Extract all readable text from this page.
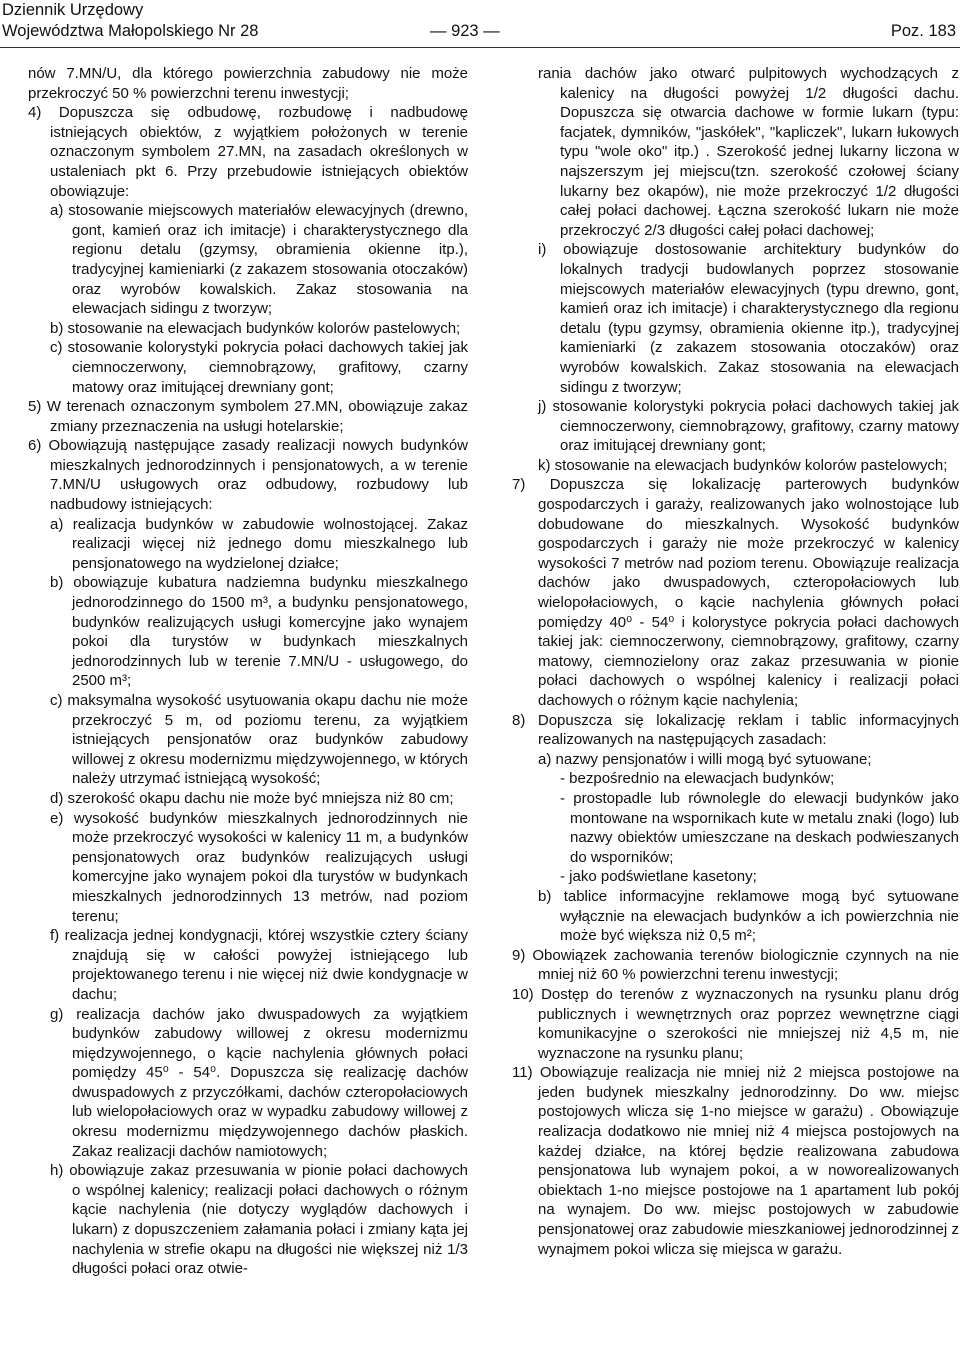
Dziennik Urzędowy
Województwa Małopolskiego Nr 28	— 923 —	Poz. 183

nów 7.MN/U, dla którego powierzchnia zabudowy nie może przekroczyć 50 % powierzchni terenu inwestycji;

4) Dopuszcza się odbudowę, rozbudowę i nadbudowę istniejących obiektów, z wyjątkiem położonych w terenie oznaczonym symbolem 27.MN, na zasadach określonych w ustaleniach pkt 6. Przy przebudowie istniejących obiektów obowiązuje:

a) stosowanie miejscowych materiałów elewacyjnych (drewno, gont, kamień oraz ich imitacje) i charakterystycznego dla regionu detalu (gzymsy, obramienia okienne itp.), tradycyjnej kamieniarki (z zakazem stosowania otoczaków) oraz wyrobów kowalskich. Zakaz stosowania na elewacjach sidingu z tworzyw;

b) stosowanie na elewacjach budynków kolorów pastelowych;

c) stosowanie kolorystyki pokrycia połaci dachowych takiej jak ciemnoczerwony, ciemnobrązowy, grafitowy, czarny matowy oraz imitującej drewniany gont;

5) W terenach oznaczonym symbolem 27.MN, obowiązuje zakaz zmiany przeznaczenia na usługi hotelarskie;

6) Obowiązują następujące zasady realizacji nowych budynków mieszkalnych jednorodzinnych i pensjonatowych, a w terenie 7.MN/U usługowych oraz odbudowy, rozbudowy lub nadbudowy istniejących:

a) realizacja budynków w zabudowie wolnostojącej. Zakaz realizacji więcej niż jednego domu mieszkalnego lub pensjonatowego na wydzielonej działce;

b) obowiązuje kubatura nadziemna budynku mieszkalnego jednorodzinnego do 1500 m³, a budynku pensjonatowego, budynków realizujących usługi komercyjne jako wynajem pokoi dla turystów w budynkach mieszkalnych jednorodzinnych lub w terenie 7.MN/U - usługowego, do 2500 m³;

c) maksymalna wysokość usytuowania okapu dachu nie może przekroczyć 5 m, od poziomu terenu, za wyjątkiem istniejących pensjonatów oraz budynków zabudowy willowej z okresu modernizmu międzywojennego, w których należy utrzymać istniejącą wysokość;

d) szerokość okapu dachu nie może być mniejsza niż 80 cm;

e) wysokość budynków mieszkalnych jednorodzinnych nie może przekroczyć wysokości w kalenicy 11 m, a budynków pensjonatowych oraz budynków realizujących usługi komercyjne jako wynajem pokoi dla turystów w budynkach mieszkalnych jednorodzinnych 13 metrów, nad poziom terenu;

f) realizacja jednej kondygnacji, której wszystkie cztery ściany znajdują się w całości powyżej istniejącego lub projektowanego terenu i nie więcej niż dwie kondygnacje w dachu;

g) realizacja dachów jako dwuspadowych za wyjątkiem budynków zabudowy willowej z okresu modernizmu międzywojennego, o kącie nachylenia głównych połaci pomiędzy 45⁰ - 54⁰. Dopuszcza się realizację dachów dwuspadowych z przyczółkami, dachów czteropołaciowych lub wielopołaciowych oraz w wypadku zabudowy willowej z okresu modernizmu międzywojennego dachów płaskich. Zakaz realizacji dachów namiotowych;

h) obowiązuje zakaz przesuwania w pionie połaci dachowych o wspólnej kalenicy; realizacji połaci dachowych o różnym kącie nachylenia (nie dotyczy wyglądów dachowych i lukarn) z dopuszczeniem załamania połaci i zmiany kąta jej nachylenia w strefie okapu na długości nie większej niż 1/3 długości połaci oraz otwie-

rania dachów jako otwarć pulpitowych wychodzących z kalenicy na długości powyżej 1/2 długości dachu. Dopuszcza się otwarcia dachowe w formie lukarn (typu: facjatek, dymników, "jaskółek", "kapliczek", lukarn łukowych typu "wole oko" itp.) . Szerokość jednej lukarny liczona w najszerszym jej miejscu(tzn. szerokość czołowej ściany lukarny bez okapów), nie może przekroczyć 1/2 długości całej połaci dachowej. Łączna szerokość lukarn nie może przekroczyć 2/3 długości całej połaci dachowej;

i) obowiązuje dostosowanie architektury budynków do lokalnych tradycji budowlanych poprzez stosowanie miejscowych materiałów elewacyjnych (typu drewno, gont, kamień oraz ich imitacje) i charakterystycznego dla regionu detalu (typu gzymsy, obramienia okienne itp.), tradycyjnej kamieniarki (z zakazem stosowania otoczaków) oraz wyrobów kowalskich. Zakaz stosowania na elewacjach sidingu z tworzyw;

j) stosowanie kolorystyki pokrycia połaci dachowych takiej jak ciemnoczerwony, ciemnobrązowy, grafitowy, czarny matowy oraz imitującej drewniany gont;

k) stosowanie na elewacjach budynków kolorów pastelowych;

7) Dopuszcza się lokalizację parterowych budynków gospodarczych i garaży, realizowanych jako wolnostojące lub dobudowane do mieszkalnych. Wysokość budynków gospodarczych i garaży nie może przekroczyć w kalenicy wysokości 7 metrów nad poziom terenu. Obowiązuje realizacja dachów jako dwuspadowych, czteropołaciowych lub wielopołaciowych, o kącie nachylenia głównych połaci pomiędzy 40⁰ - 54⁰ i kolorystyce pokrycia połaci dachowych takiej jak: ciemnoczerwony, ciemnobrązowy, grafitowy, czarny matowy, ciemnozielony oraz zakaz przesuwania w pionie połaci dachowych o wspólnej kalenicy i realizacji połaci dachowych o różnym kącie nachylenia;

8) Dopuszcza się lokalizację reklam i tablic informacyjnych realizowanych na następujących zasadach:

a) nazwy pensjonatów i willi mogą być sytuowane;

- bezpośrednio na elewacjach budynków;

- prostopadle lub równolegle do elewacji budynków jako montowane na wspornikach kute w metalu znaki (logo) lub nazwy obiektów umieszczane na deskach podwieszanych do wsporników;

- jako podświetlane kasetony;

b) tablice informacyjne reklamowe mogą być sytuowane wyłącznie na elewacjach budynków a ich powierzchnia nie może być większa niż 0,5 m²;

9) Obowiązek zachowania terenów biologicznie czynnych na nie mniej niż 60 % powierzchni terenu inwestycji;

10) Dostęp do terenów z wyznaczonych na rysunku planu dróg publicznych i wewnętrznych oraz poprzez wewnętrzne ciągi komunikacyjne o szerokości nie mniejszej niż 4,5 m, nie wyznaczone na rysunku planu;

11) Obowiązuje realizacja nie mniej niż 2 miejsca postojowe na jeden budynek mieszkalny jednorodzinny. Do ww. miejsc postojowych wlicza się 1-no miejsce w garażu) . Obowiązuje realizacja dodatkowo nie mniej niż 4 miejsca postojowych na każdej działce, na której będzie realizowana zabudowa pensjonatowa lub wynajem pokoi, a w noworealizowanych obiektach 1-no miejsce postojowe na 1 apartament lub pokój na wynajem. Do ww. miejsc postojowych w zabudowie pensjonatowej oraz zabudowie mieszkaniowej jednorodzinnej z wynajmem pokoi wlicza się miejsca w garażu.
